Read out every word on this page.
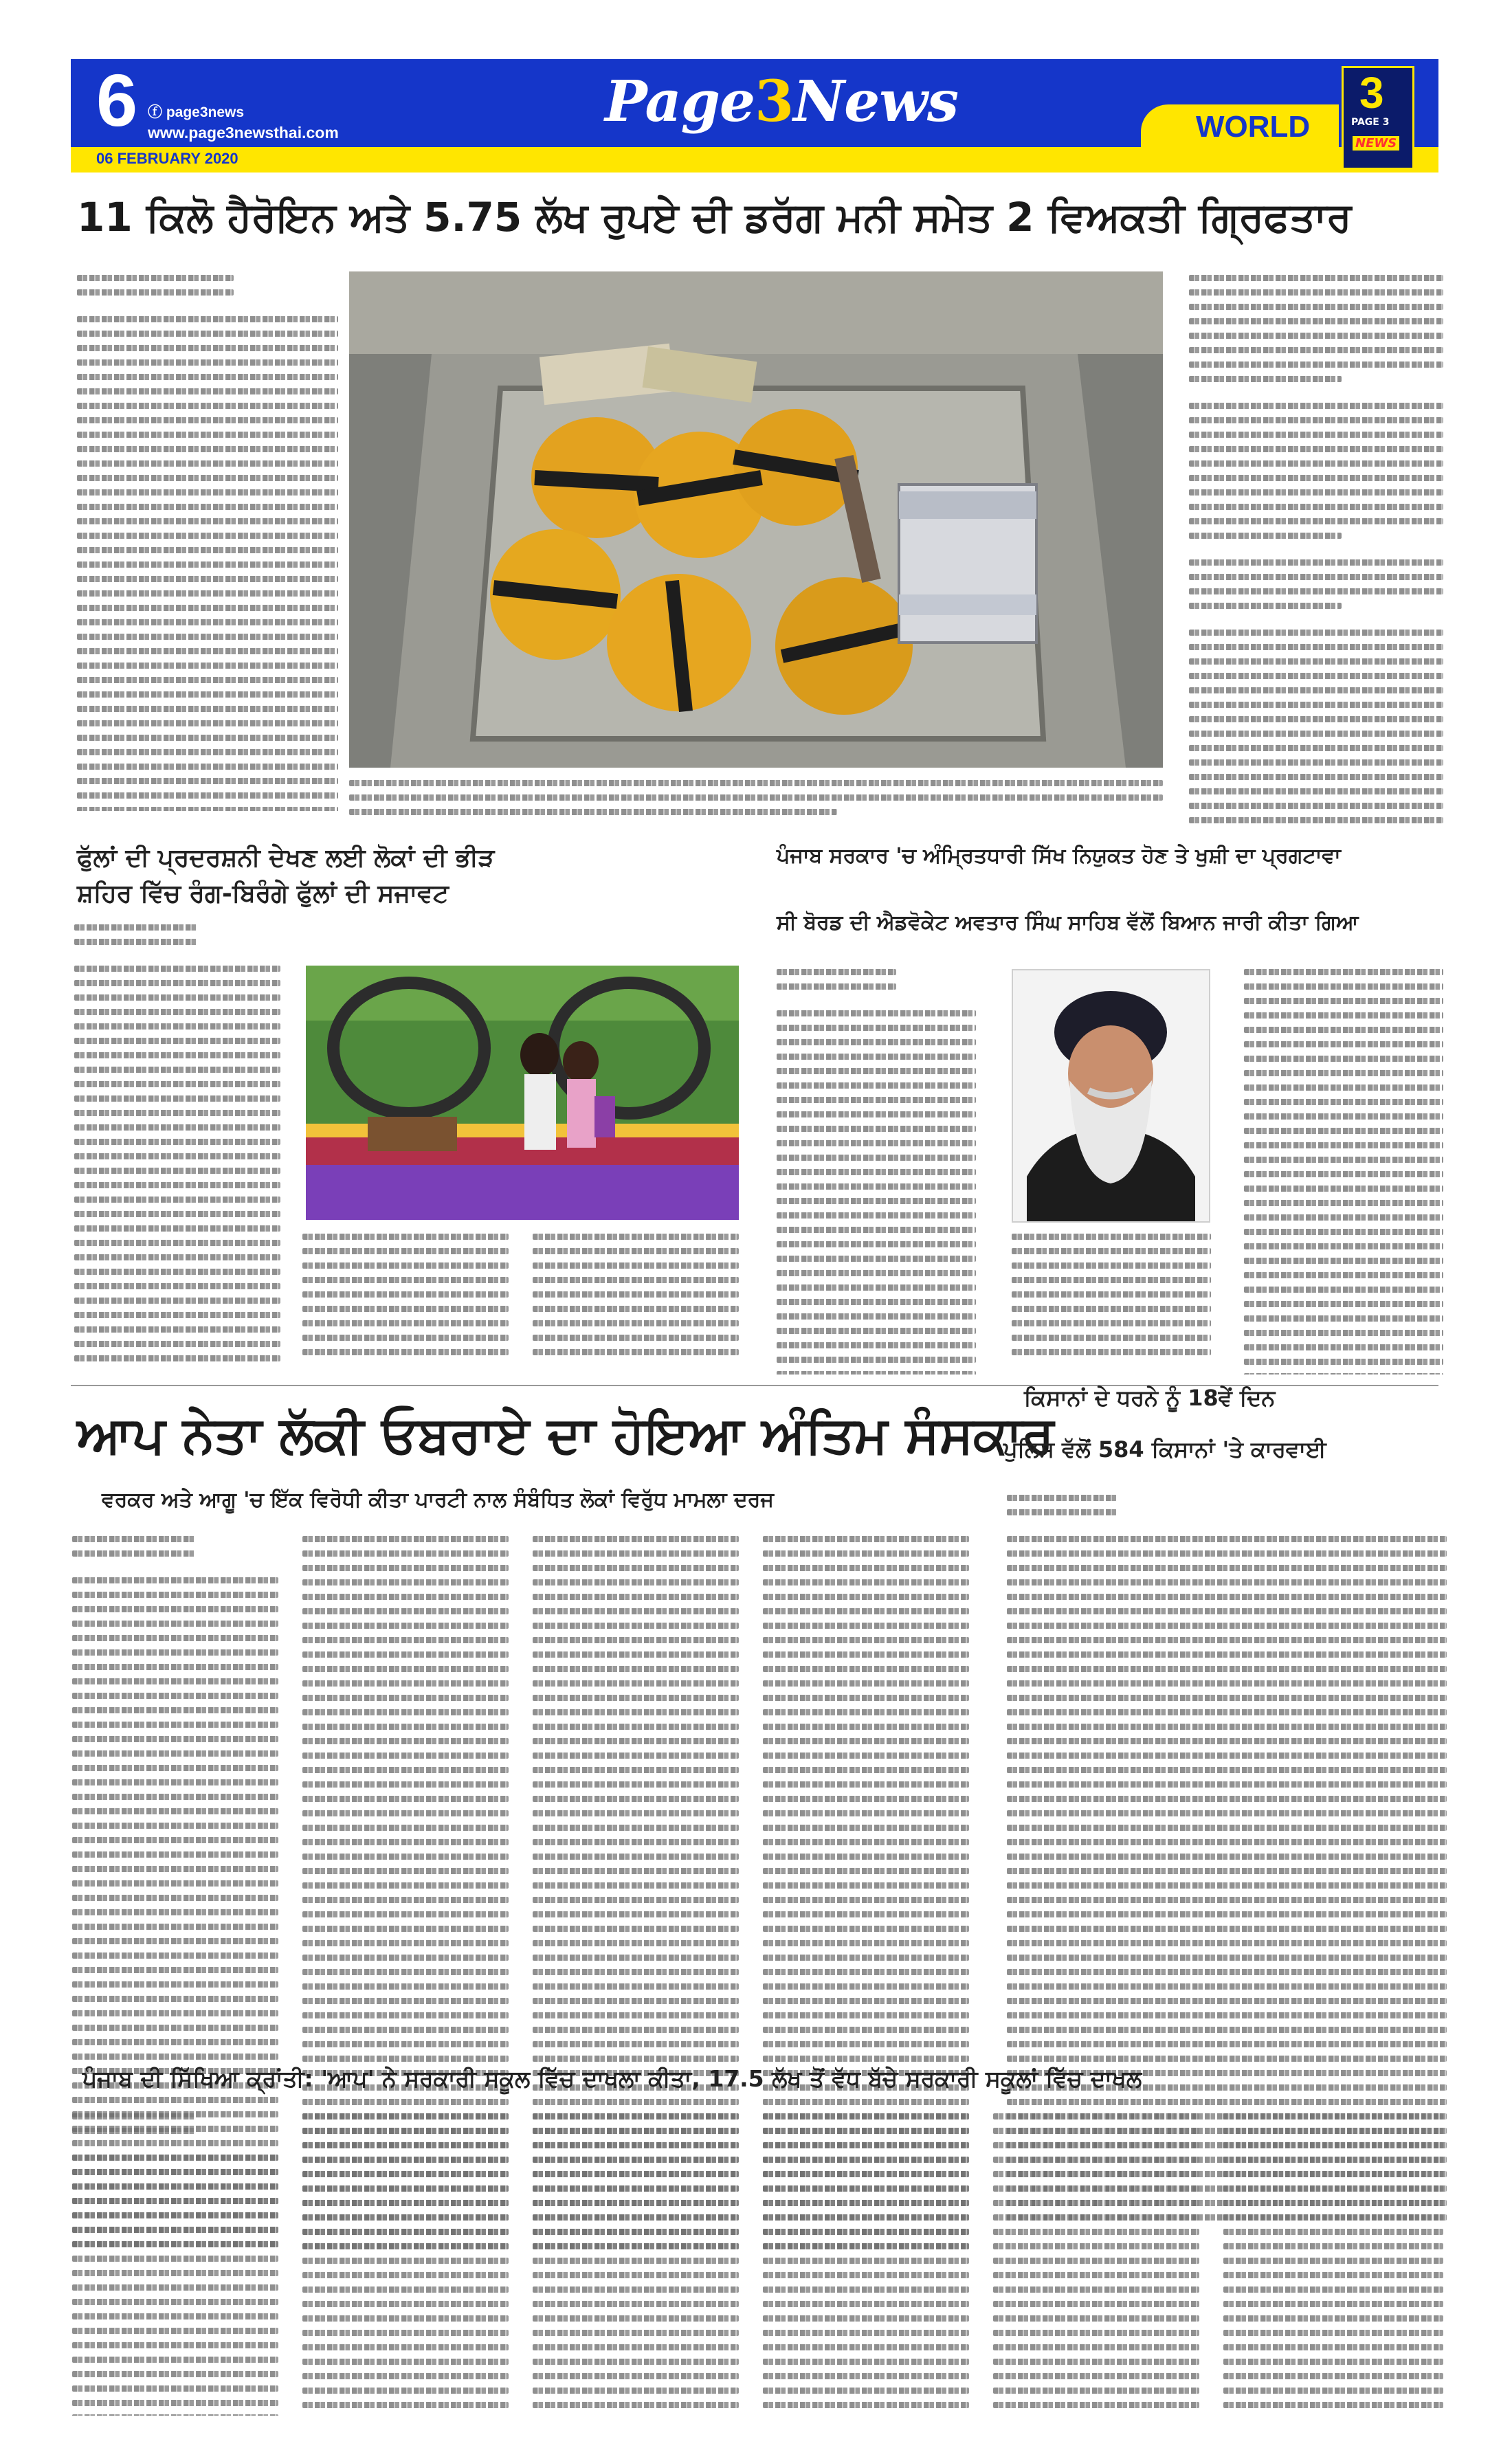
6 ⓕ page3news
www.page3newsthai.com
06 FEBRUARY 2020
Page3News	WORLD
3
PAGE 3
NEWS
11 ਕਿਲੋ ਹੈਰੋਇਨ ਅਤੇ 5.75 ਲੱਖ ਰੁਪਏ ਦੀ ਡਰੱਗ ਮਨੀ ਸਮੇਤ 2 ਵਿਅਕਤੀ ਗ੍ਰਿਫਤਾਰ
ਫੁੱਲਾਂ ਦੀ ਪ੍ਰਦਰਸ਼ਨੀ ਦੇਖਣ ਲਈ ਲੋਕਾਂ ਦੀ ਭੀੜ
ਸ਼ਹਿਰ ਵਿੱਚ ਰੰਗ-ਬਿਰੰਗੇ ਫੁੱਲਾਂ ਦੀ ਸਜਾਵਟ
ਪੰਜਾਬ ਸਰਕਾਰ 'ਚ ਅੰਮ੍ਰਿਤਧਾਰੀ ਸਿੱਖ ਨਿਯੁਕਤ ਹੋਣ ਤੇ ਖੁਸ਼ੀ ਦਾ ਪ੍ਰਗਟਾਵਾ
ਸੀ ਬੋਰਡ ਦੀ ਐਡਵੋਕੇਟ ਅਵਤਾਰ ਸਿੰਘ ਸਾਹਿਬ ਵੱਲੋਂ ਬਿਆਨ ਜਾਰੀ ਕੀਤਾ ਗਿਆ
ਆਪ ਨੇਤਾ ਲੱਕੀ ਓਬਰਾਏ ਦਾ ਹੋਇਆ ਅੰਤਿਮ ਸੰਸਕਾਰ
ਵਰਕਰ ਅਤੇ ਆਗੂ 'ਚ ਇੱਕ ਵਿਰੋਧੀ ਕੀਤਾ ਪਾਰਟੀ ਨਾਲ ਸੰਬੰਧਿਤ ਲੋਕਾਂ ਵਿਰੁੱਧ ਮਾਮਲਾ ਦਰਜ
ਕਿਸਾਨਾਂ ਦੇ ਧਰਨੇ ਨੂੰ 18ਵੇਂ ਦਿਨ
ਪੁਲਿਸ ਵੱਲੋਂ 584 ਕਿਸਾਨਾਂ 'ਤੇ ਕਾਰਵਾਈ
ਪੰਜਾਬ ਦੀ ਸਿੱਖਿਆ ਕ੍ਰਾਂਤੀ: 'ਆਪ' ਨੇ ਸਰਕਾਰੀ ਸਕੂਲ ਵਿੱਚ ਦਾਖਲਾ ਕੀਤਾ, 17.5 ਲੱਖ ਤੋਂ ਵੱਧ ਬੱਚੇ ਸਰਕਾਰੀ ਸਕੂਲਾਂ ਵਿੱਚ ਦਾਖਲ
